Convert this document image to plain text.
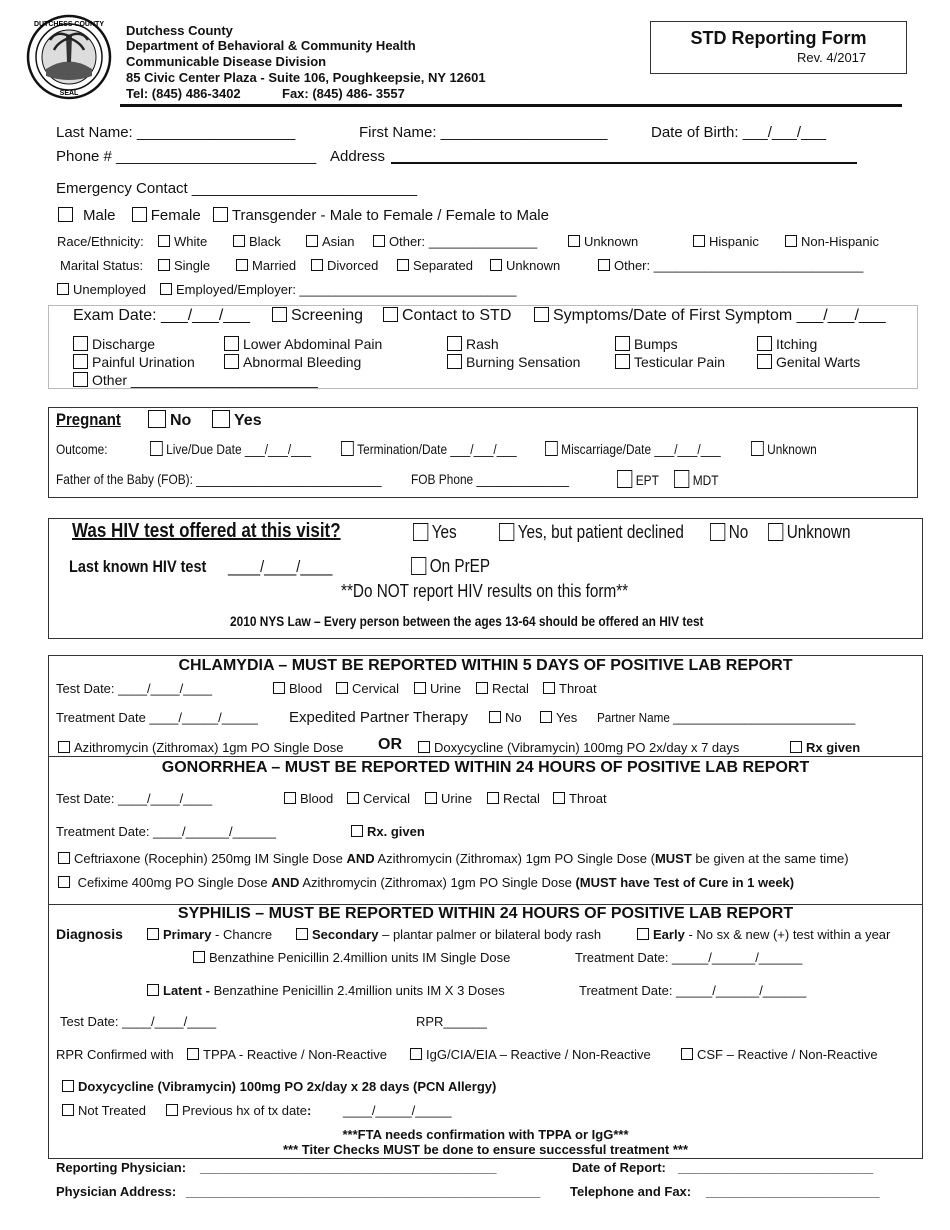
DUTCHESS COUNTY
SEAL
Dutchess County
Department of Behavioral & Community Health
Communicable Disease Division
85 Civic Center Plaza - Suite 106, Poughkeepsie, NY 12601
Tel: (845) 486-3402	Fax: (845) 486- 3557
STD Reporting Form
Rev. 4/2017
Last Name: ___________________	First Name: ____________________	Date of Birth: ___/___/___
Phone # ________________________ Address
Emergency Contact ___________________________
Male Female Transgender - Male to Female / Female to Male
Race/Ethnicity:	White	Black	Asian	Other: _______________	Unknown	Hispanic	Non-Hispanic
Marital Status:	Single	Married	Divorced	Separated	Unknown	Other: _____________________________
Unemployed	Employed/Employer: ______________________________
Exam Date: ___/___/___	Screening	Contact to STD	Symptoms/Date of First Symptom ___/___/___
Discharge	Lower Abdominal Pain	Rash	Bumps	Itching
Painful Urination	Abnormal Bleeding	Burning Sensation	Testicular Pain	Genital Warts
Other ________________________
Pregnant	No	Yes
Outcome:	Live/Due Date ___/___/___	Termination/Date ___/___/___	Miscarriage/Date ___/___/___	Unknown
Father of the Baby (FOB): ____________________________ FOB Phone ______________	EPT	MDT
Was HIV test offered at this visit?	Yes	Yes, but patient declined	No	Unknown
Last known HIV test ____/____/____	On PrEP
**Do NOT report HIV results on this form**
2010 NYS Law – Every person between the ages 13-64 should be offered an HIV test
CHLAMYDIA – MUST BE REPORTED WITHIN 5 DAYS OF POSITIVE LAB REPORT
Test Date: ____/____/____	Blood	Cervical	Urine	Rectal	Throat
Treatment Date ____/_____/_____ Expedited Partner Therapy	No	Yes Partner Name ____________________________
Azithromycin (Zithromax) 1gm PO Single Dose OR	Doxycycline (Vibramycin) 100mg PO 2x/day x 7 days	Rx given
GONORRHEA – MUST BE REPORTED WITHIN 24 HOURS OF POSITIVE LAB REPORT
Test Date: ____/____/____	Blood	Cervical	Urine	Rectal	Throat
Treatment Date: ____/______/______	Rx. given
Ceftriaxone (Rocephin) 250mg IM Single Dose AND Azithromycin (Zithromax) 1gm PO Single Dose (MUST be given at the same time)
Cefixime 400mg PO Single Dose AND Azithromycin (Zithromax) 1gm PO Single Dose (MUST have Test of Cure in 1 week)
SYPHILIS – MUST BE REPORTED WITHIN 24 HOURS OF POSITIVE LAB REPORT
Diagnosis	Primary - Chancre	Secondary – plantar palmer or bilateral body rash	Early - No sx & new (+) test within a year
Benzathine Penicillin 2.4million units IM Single Dose	Treatment Date: _____/______/______
Latent - Benzathine Penicillin 2.4million units IM X 3 Doses	Treatment Date: _____/______/______
Test Date: ____/____/____	RPR______
RPR Confirmed with	TPPA - Reactive / Non-Reactive	IgG/CIA/EIA – Reactive / Non-Reactive	CSF – Reactive / Non-Reactive
Doxycycline (Vibramycin) 100mg PO 2x/day x 28 days (PCN Allergy)
Not Treated	Previous hx of tx date: ____/_____/_____
***FTA needs confirmation with TPPA or IgG***
*** Titer Checks MUST be done to ensure successful treatment ***
Reporting Physician: _________________________________________	Date of Report: ___________________________
Physician Address: _________________________________________________ Telephone and Fax: ________________________
